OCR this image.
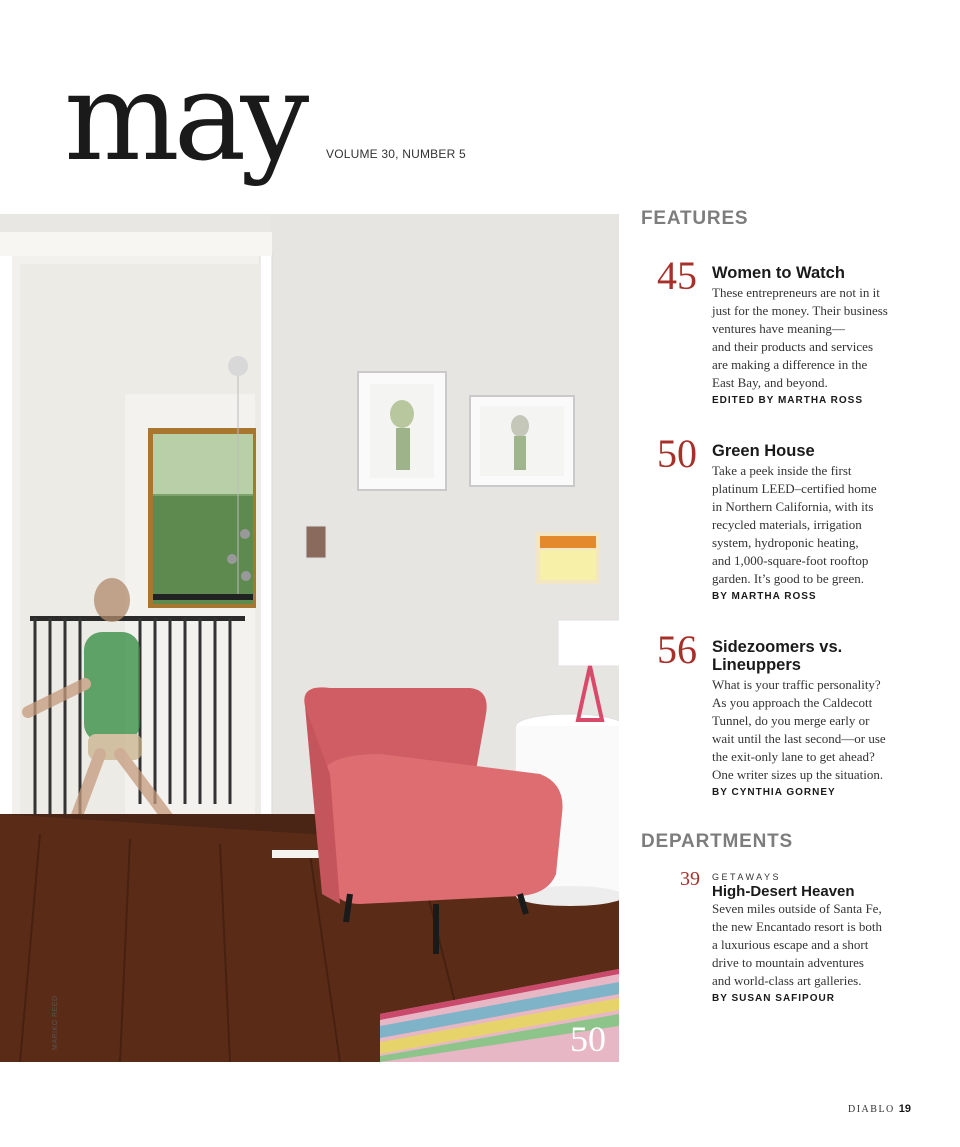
may VOLUME 30, NUMBER 5
MARIKO REED	50
FEATURES
45 Women to Watch
These entrepreneurs are not in it
just for the money. Their business
ventures have meaning—
and their products and services
are making a difference in the
East Bay, and beyond.
EDITED BY MARTHA ROSS
50 Green House
Take a peek inside the first
platinum LEED–certified home
in Northern California, with its
recycled materials, irrigation
system, hydroponic heating,
and 1,000-square-foot rooftop
garden. It’s good to be green.
BY MARTHA ROSS
56 Sidezoomers vs.
Lineuppers
What is your traffic personality?
As you approach the Caldecott
Tunnel, do you merge early or
wait until the last second—or use
the exit-only lane to get ahead?
One writer sizes up the situation.
BY CYNTHIA GORNEY
DEPARTMENTS
39 GETAWAYS
High-Desert Heaven
Seven miles outside of Santa Fe,
the new Encantado resort is both
a luxurious escape and a short
drive to mountain adventures
and world-class art galleries.
BY SUSAN SAFIPOUR
DIABLO 19
